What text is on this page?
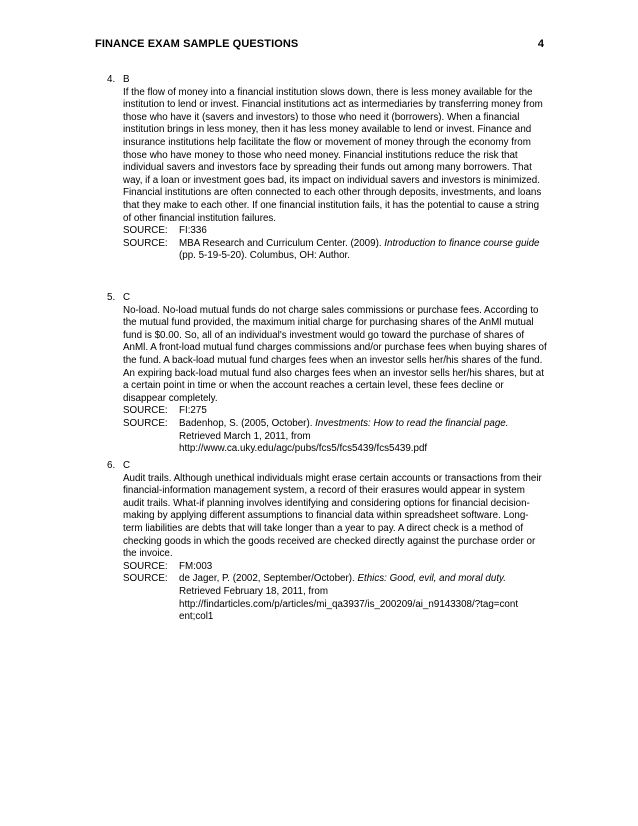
FINANCE EXAM SAMPLE QUESTIONS	4
4. B
If the flow of money into a financial institution slows down, there is less money available for the institution to lend or invest. Financial institutions act as intermediaries by transferring money from those who have it (savers and investors) to those who need it (borrowers). When a financial institution brings in less money, then it has less money available to lend or invest. Finance and insurance institutions help facilitate the flow or movement of money through the economy from those who have money to those who need money. Financial institutions reduce the risk that individual savers and investors face by spreading their funds out among many borrowers. That way, if a loan or investment goes bad, its impact on individual savers and investors is minimized. Financial institutions are often connected to each other through deposits, investments, and loans that they make to each other. If one financial institution fails, it has the potential to cause a string of other financial institution failures.
SOURCE:	FI:336
SOURCE:	MBA Research and Curriculum Center. (2009). Introduction to finance course guide
(pp. 5-19-5-20). Columbus, OH: Author.
5. C
No-load. No-load mutual funds do not charge sales commissions or purchase fees. According to the mutual fund provided, the maximum initial charge for purchasing shares of the AnMl mutual fund is $0.00. So, all of an individual's investment would go toward the purchase of shares of AnMl. A front-load mutual fund charges commissions and/or purchase fees when buying shares of the fund. A back-load mutual fund charges fees when an investor sells her/his shares of the fund. An expiring back-load mutual fund also charges fees when an investor sells her/his shares, but at a certain point in time or when the account reaches a certain level, these fees decline or disappear completely.
SOURCE:	FI:275
SOURCE:	Badenhop, S. (2005, October). Investments: How to read the financial page.
Retrieved March 1, 2011, from
http://www.ca.uky.edu/agc/pubs/fcs5/fcs5439/fcs5439.pdf
6. C
Audit trails. Although unethical individuals might erase certain accounts or transactions from their financial-information management system, a record of their erasures would appear in system audit trails. What-if planning involves identifying and considering options for financial decision-making by applying different assumptions to financial data within spreadsheet software. Long-term liabilities are debts that will take longer than a year to pay. A direct check is a method of checking goods in which the goods received are checked directly against the purchase order or the invoice.
SOURCE:	FM:003
SOURCE:	de Jager, P. (2002, September/October). Ethics: Good, evil, and moral duty.
Retrieved February 18, 2011, from
http://findarticles.com/p/articles/mi_qa3937/is_200209/ai_n9143308/?tag=cont
ent;col1
